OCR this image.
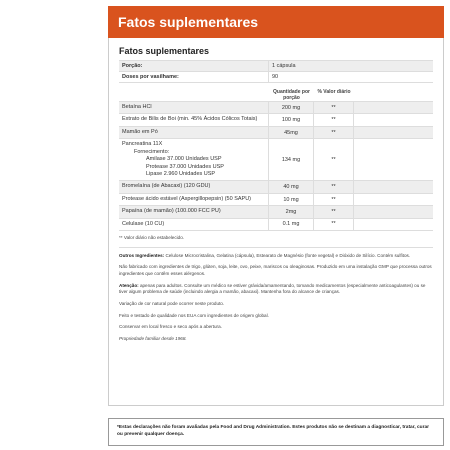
Fatos suplementares
Fatos suplementares
Porção:	1 cápsula
Doses por vasilhame:	90
Quantidade por porção
% Valor diário
Betaína HCl	200 mg	**
Extrato de Bilis de Boi (min. 45% Ácidos Cólicos Totais)	100 mg	**
Mamão em Pó	45mg	**
Pancreatina 11X
Fornecimento:
Amilase 37.000 Unidades USP
Protease 37.000 Unidades USP
Lipase 2.960 Unidades USP
134 mg	**
Bromelaína (de Abacaxi) (120 GDU)	40 mg	**
Protease ácido estável (Aspergillopepsin) (50 SAPU)	10 mg	**
Papaína (de mamão) (100.000 FCC PU)	2mg	**
Celulase (10 CU)	0.1 mg	**

** Valor diário não estabelecido.

Outros Ingredientes: Celulose Microcristalina, Gelatina (cápsula), Estearato de Magnésio (fonte vegetal) e Dióxido de Silício. Contém sulfitos.

Não fabricado com ingredientes de trigo, glúten, soja, leite, ovo, peixe, mariscos ou oleaginosas. Produzido em uma instalação GMP que processa outros ingredientes que contêm esses alérgenos.

Atenção: apenas para adultos. Consulte um médico se estiver grávida/amamentando, tomando medicamentos (especialmente anticoagulantes) ou se tiver algum problema de saúde (incluindo alergia a mamão, abacaxi). Mantenha fora do alcance de crianças.

Variação de cor natural pode ocorrer neste produto.

Feito e testado de qualidade nos EUA com ingredientes de origem global.

Conservar em local fresco e seco após a abertura.

Propriedade familiar desde 1968.

*Estas declarações não foram avaliadas pela Food and Drug Administration. Estes produtos não se destinam a diagnosticar, tratar, curar ou prevenir qualquer doença.
